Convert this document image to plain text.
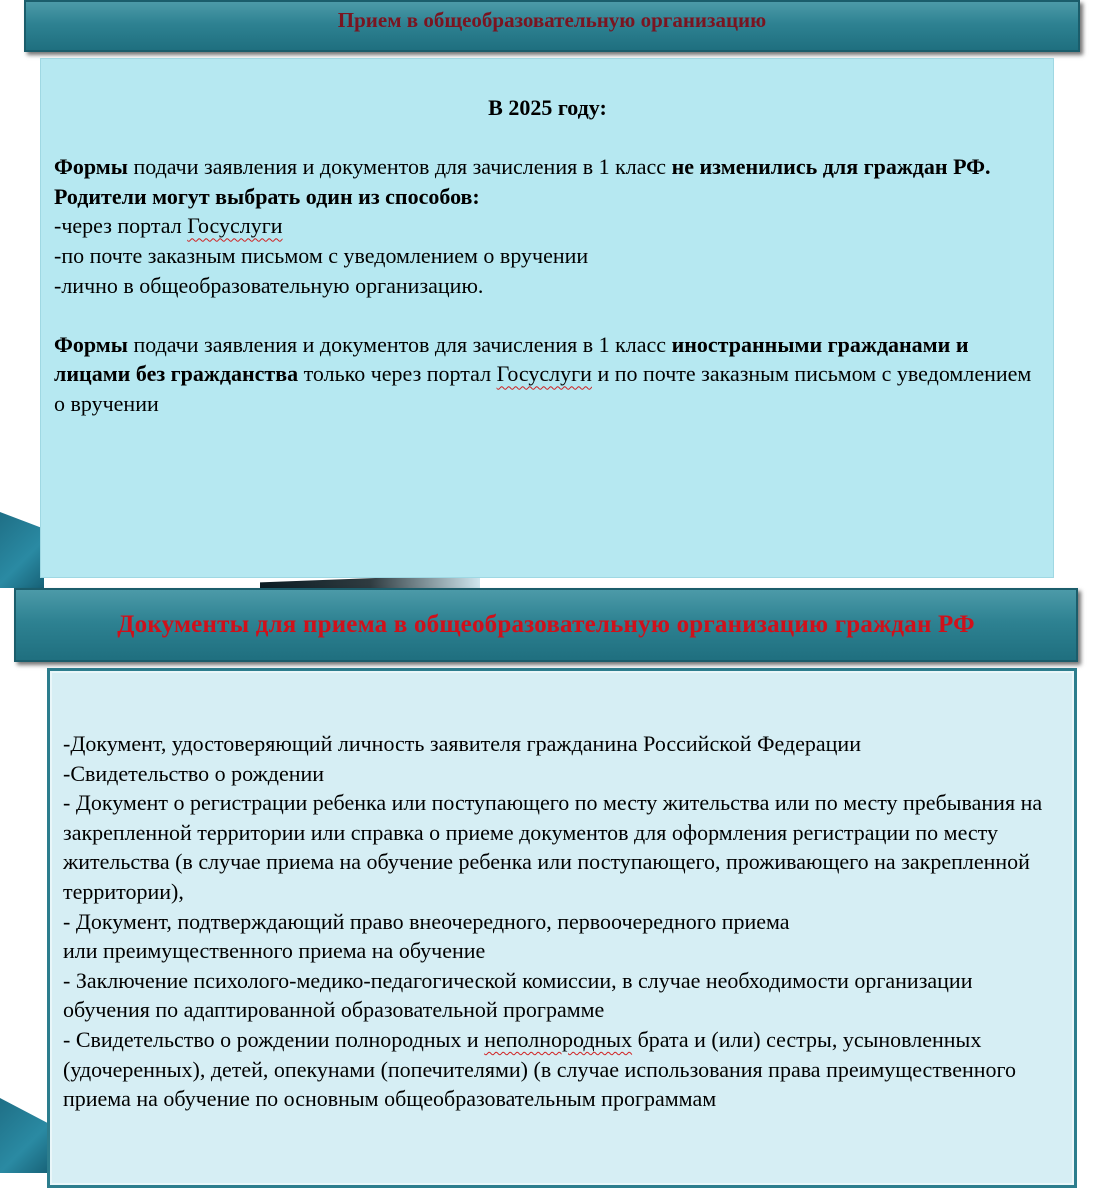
Прием в общеобразовательную организацию

В 2025 году:

Формы подачи заявления и документов для зачисления в 1 класс не изменились для граждан РФ.

Родители могут выбрать один из способов:

-через портал Госуслуги

-по почте заказным письмом с уведомлением о вручении

-лично в общеобразовательную организацию.

Формы подачи заявления и документов для зачисления в 1 класс иностранными гражданами и лицами без гражданства только через портал Госуслуги и по почте заказным письмом с уведомлением о вручении

Документы для приема в общеобразовательную организацию граждан РФ

-Документ, удостоверяющий личность заявителя гражданина Российской Федерации

-Свидетельство о рождении

- Документ о регистрации ребенка или поступающего по месту жительства или по месту пребывания на закрепленной территории или справка о приеме документов для оформления регистрации по месту жительства (в случае приема на обучение ребенка или поступающего, проживающего на закрепленной территории),

- Документ, подтверждающий право внеочередного, первоочередного приема
или преимущественного приема на обучение

- Заключение психолого-медико-педагогической комиссии, в случае необходимости организации обучения по адаптированной образовательной программе

- Свидетельство о рождении полнородных и неполнородных брата и (или) сестры, усыновленных (удочеренных), детей, опекунами (попечителями) (в случае использования права преимущественного приема на обучение по основным общеобразовательным программам
